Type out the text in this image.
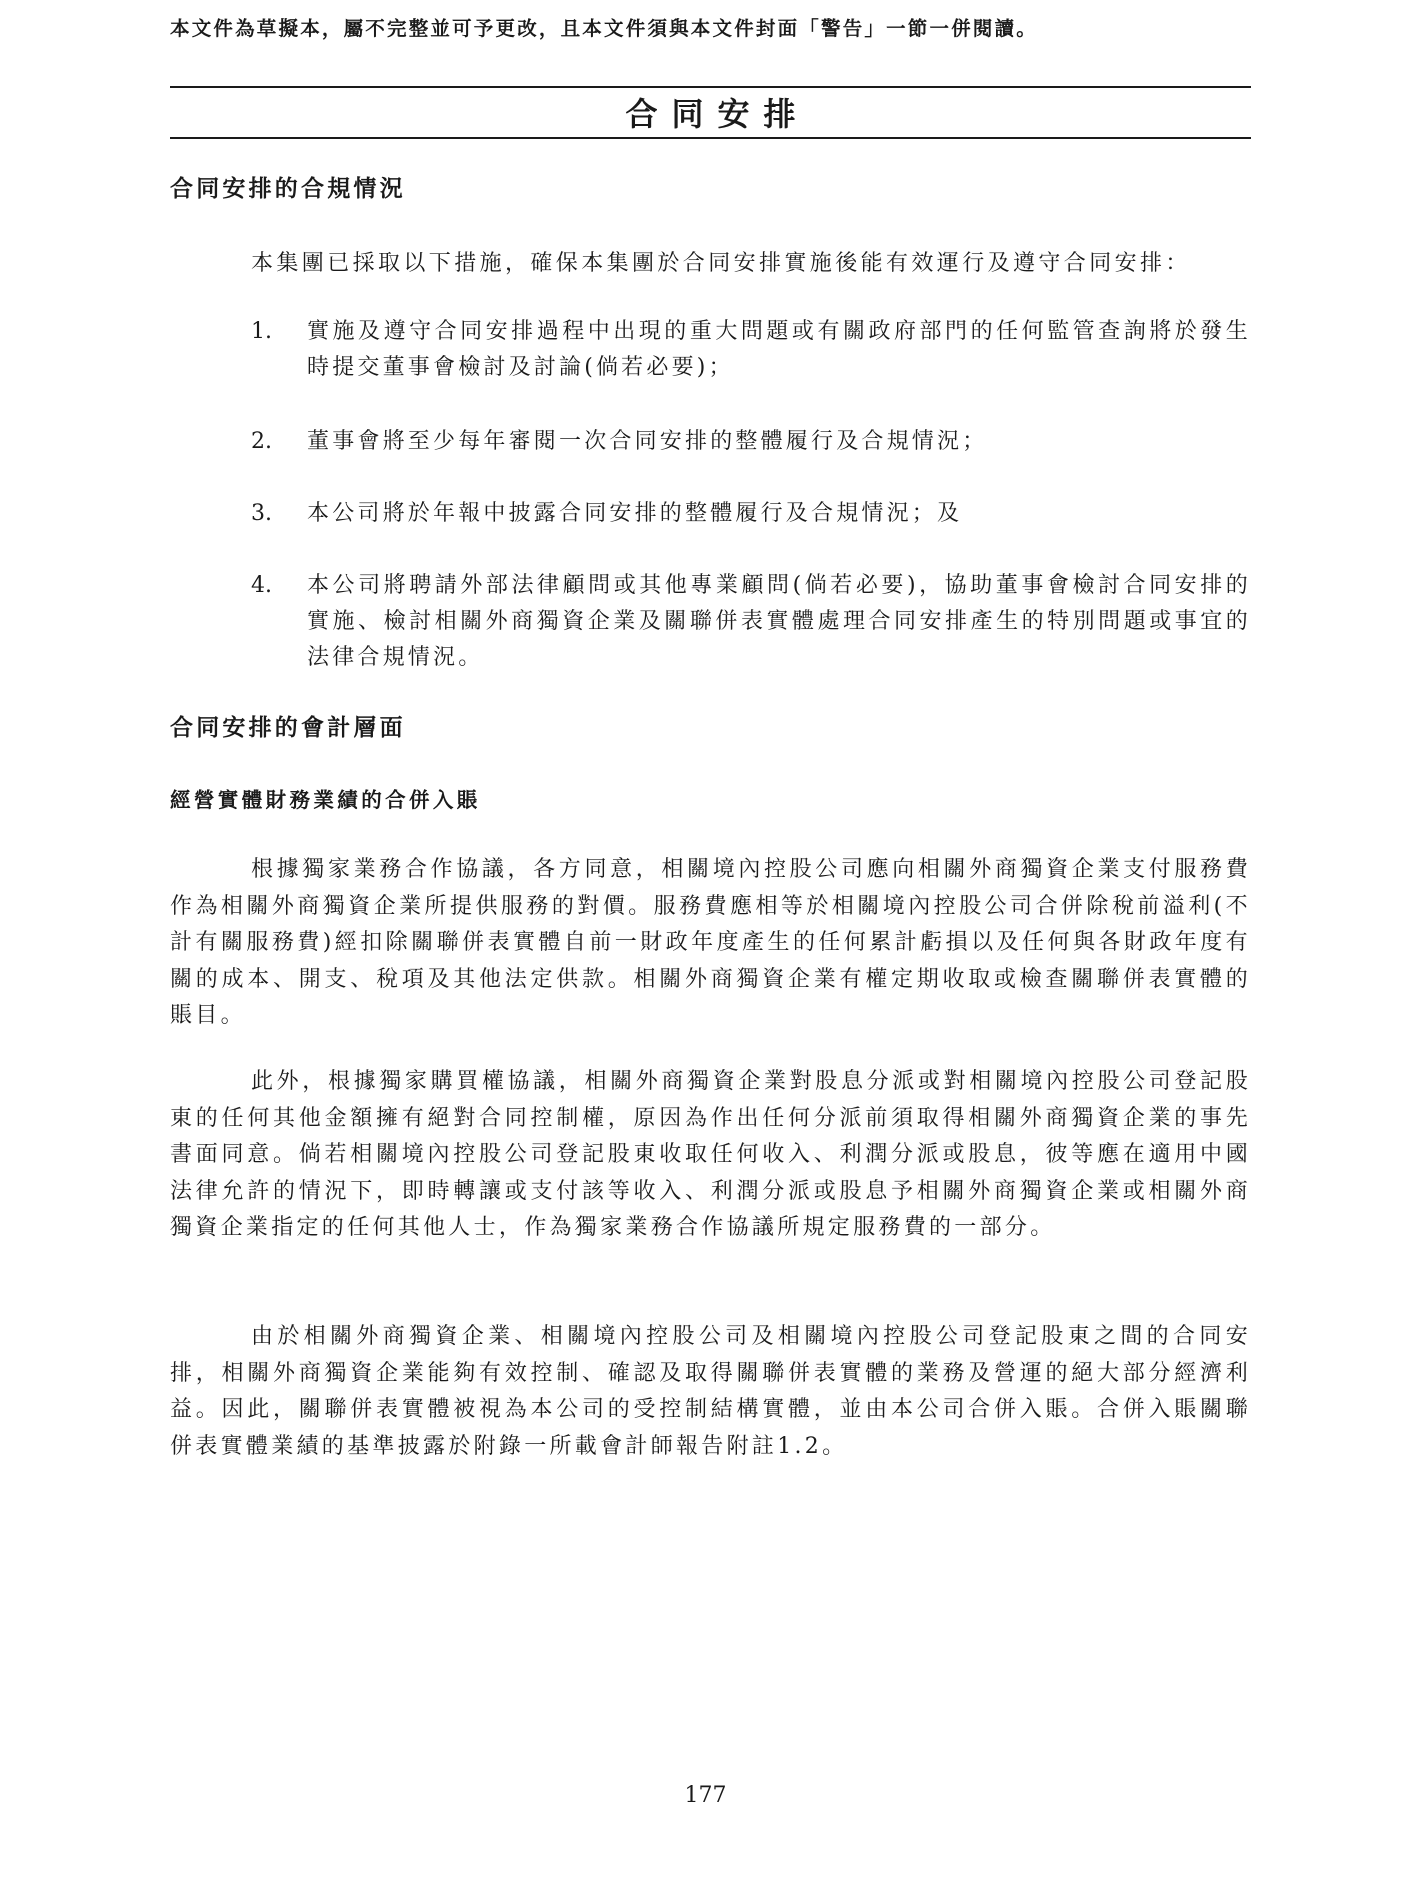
本文件為草擬本，屬不完整並可予更改，且本文件須與本文件封面「警告」一節一併閱讀。
合同安排
合同安排的合規情況
本集團已採取以下措施，確保本集團於合同安排實施後能有效運行及遵守合同安排：
1. 實施及遵守合同安排過程中出現的重大問題或有關政府部門的任何監管查詢將於發生時提交董事會檢討及討論(倘若必要)；
2. 董事會將至少每年審閱一次合同安排的整體履行及合規情況；
3. 本公司將於年報中披露合同安排的整體履行及合規情況；及
4. 本公司將聘請外部法律顧問或其他專業顧問(倘若必要)，協助董事會檢討合同安排的實施、檢討相關外商獨資企業及關聯併表實體處理合同安排產生的特別問題或事宜的法律合規情況。
合同安排的會計層面
經營實體財務業績的合併入賬
根據獨家業務合作協議，各方同意，相關境內控股公司應向相關外商獨資企業支付服務費作為相關外商獨資企業所提供服務的對價。服務費應相等於相關境內控股公司合併除稅前溢利(不計有關服務費)經扣除關聯併表實體自前一財政年度產生的任何累計虧損以及任何與各財政年度有關的成本、開支、稅項及其他法定供款。相關外商獨資企業有權定期收取或檢查關聯併表實體的賬目。
此外，根據獨家購買權協議，相關外商獨資企業對股息分派或對相關境內控股公司登記股東的任何其他金額擁有絕對合同控制權，原因為作出任何分派前須取得相關外商獨資企業的事先書面同意。倘若相關境內控股公司登記股東收取任何收入、利潤分派或股息，彼等應在適用中國法律允許的情況下，即時轉讓或支付該等收入、利潤分派或股息予相關外商獨資企業或相關外商獨資企業指定的任何其他人士，作為獨家業務合作協議所規定服務費的一部分。
由於相關外商獨資企業、相關境內控股公司及相關境內控股公司登記股東之間的合同安排，相關外商獨資企業能夠有效控制、確認及取得關聯併表實體的業務及營運的絕大部分經濟利益。因此，關聯併表實體被視為本公司的受控制結構實體，並由本公司合併入賬。合併入賬關聯併表實體業績的基準披露於附錄一所載會計師報告附註1.2。
177
